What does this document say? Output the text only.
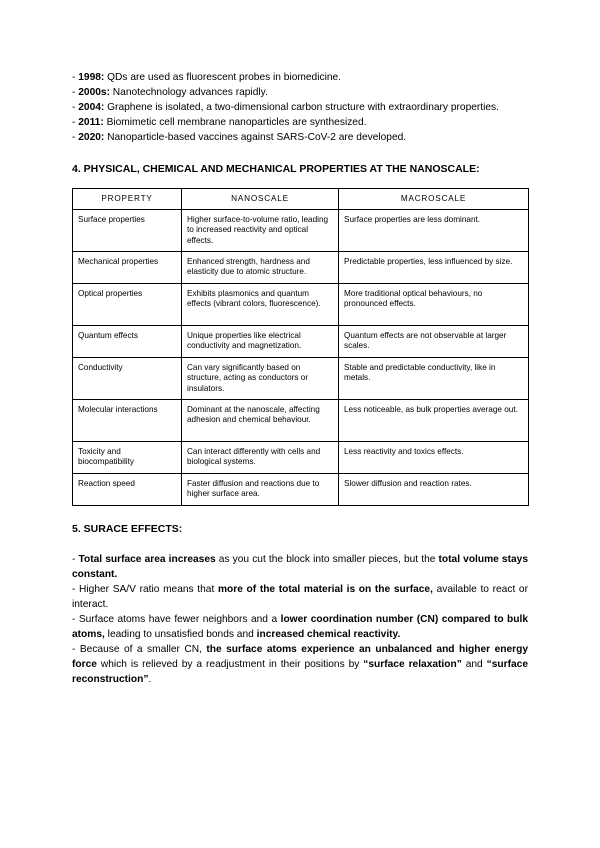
- 1998: QDs are used as fluorescent probes in biomedicine.

- 2000s: Nanotechnology advances rapidly.

- 2004: Graphene is isolated, a two-dimensional carbon structure with extraordinary properties.

- 2011: Biomimetic cell membrane nanoparticles are synthesized.

- 2020: Nanoparticle-based vaccines against SARS-CoV-2 are developed.

4. PHYSICAL, CHEMICAL AND MECHANICAL PROPERTIES AT THE NANOSCALE:

PROPERTY	NANOSCALE	MACROSCALE
Surface properties	Higher surface-to-volume ratio, leading to increased reactivity and optical effects.	Surface properties are less dominant.
Mechanical properties	Enhanced strength, hardness and elasticity due to atomic structure.	Predictable properties, less influenced by size.
Optical properties	Exhibits plasmonics and quantum effects (vibrant colors, fluorescence).	More traditional optical behaviours, no pronounced effects.
Quantum effects	Unique properties like electrical conductivity and magnetization.	Quantum effects are not observable at larger scales.
Conductivity	Can vary significantly based on structure, acting as conductors or insulators.	Stable and predictable conductivity, like in metals.
Molecular interactions	Dominant at the nanoscale, affecting adhesion and chemical behaviour.	Less noticeable, as bulk properties average out.
Toxicity and biocompatibility	Can interact differently with cells and biological systems.	Less reactivity and toxics effects.
Reaction speed	Faster diffusion and reactions due to higher surface area.	Slower diffusion and reaction rates.

5. SURACE EFFECTS:

- Total surface area increases as you cut the block into smaller pieces, but the total volume stays constant.

- Higher SA/V ratio means that more of the total material is on the surface, available to react or interact.

- Surface atoms have fewer neighbors and a lower coordination number (CN) compared to bulk atoms, leading to unsatisfied bonds and increased chemical reactivity.

- Because of a smaller CN, the surface atoms experience an unbalanced and higher energy force which is relieved by a readjustment in their positions by “surface relaxation” and “surface reconstruction”.
